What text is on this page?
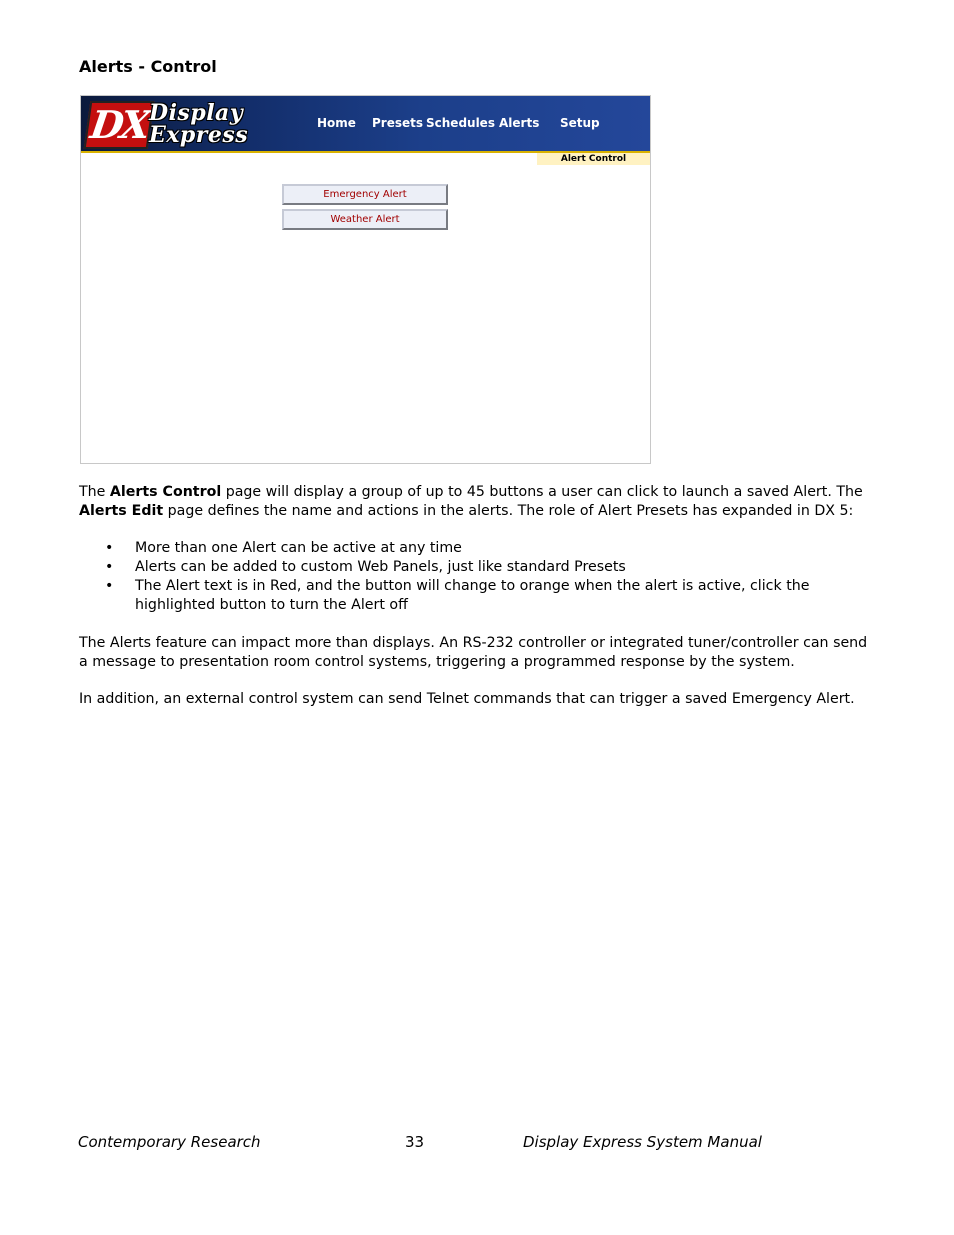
Alerts - Control
DX
Display
Express	Home Presets Schedules Alerts Setup
Alert Control
Emergency Alert
Weather Alert

The Alerts Control page will display a group of up to 45 buttons a user can click to launch a saved Alert. The Alerts Edit page defines the name and actions in the alerts. The role of Alert Presets has expanded in DX 5:

• More than one Alert can be active at any time
• Alerts can be added to custom Web Panels, just like standard Presets
• The Alert text is in Red, and the button will change to orange when the alert is active, click the highlighted button to turn the Alert off

The Alerts feature can impact more than displays. An RS-232 controller or integrated tuner/controller can send a message to presentation room control systems, triggering a programmed response by the system.

In addition, an external control system can send Telnet commands that can trigger a saved Emergency Alert.

Contemporary Research	33	Display Express System Manual
